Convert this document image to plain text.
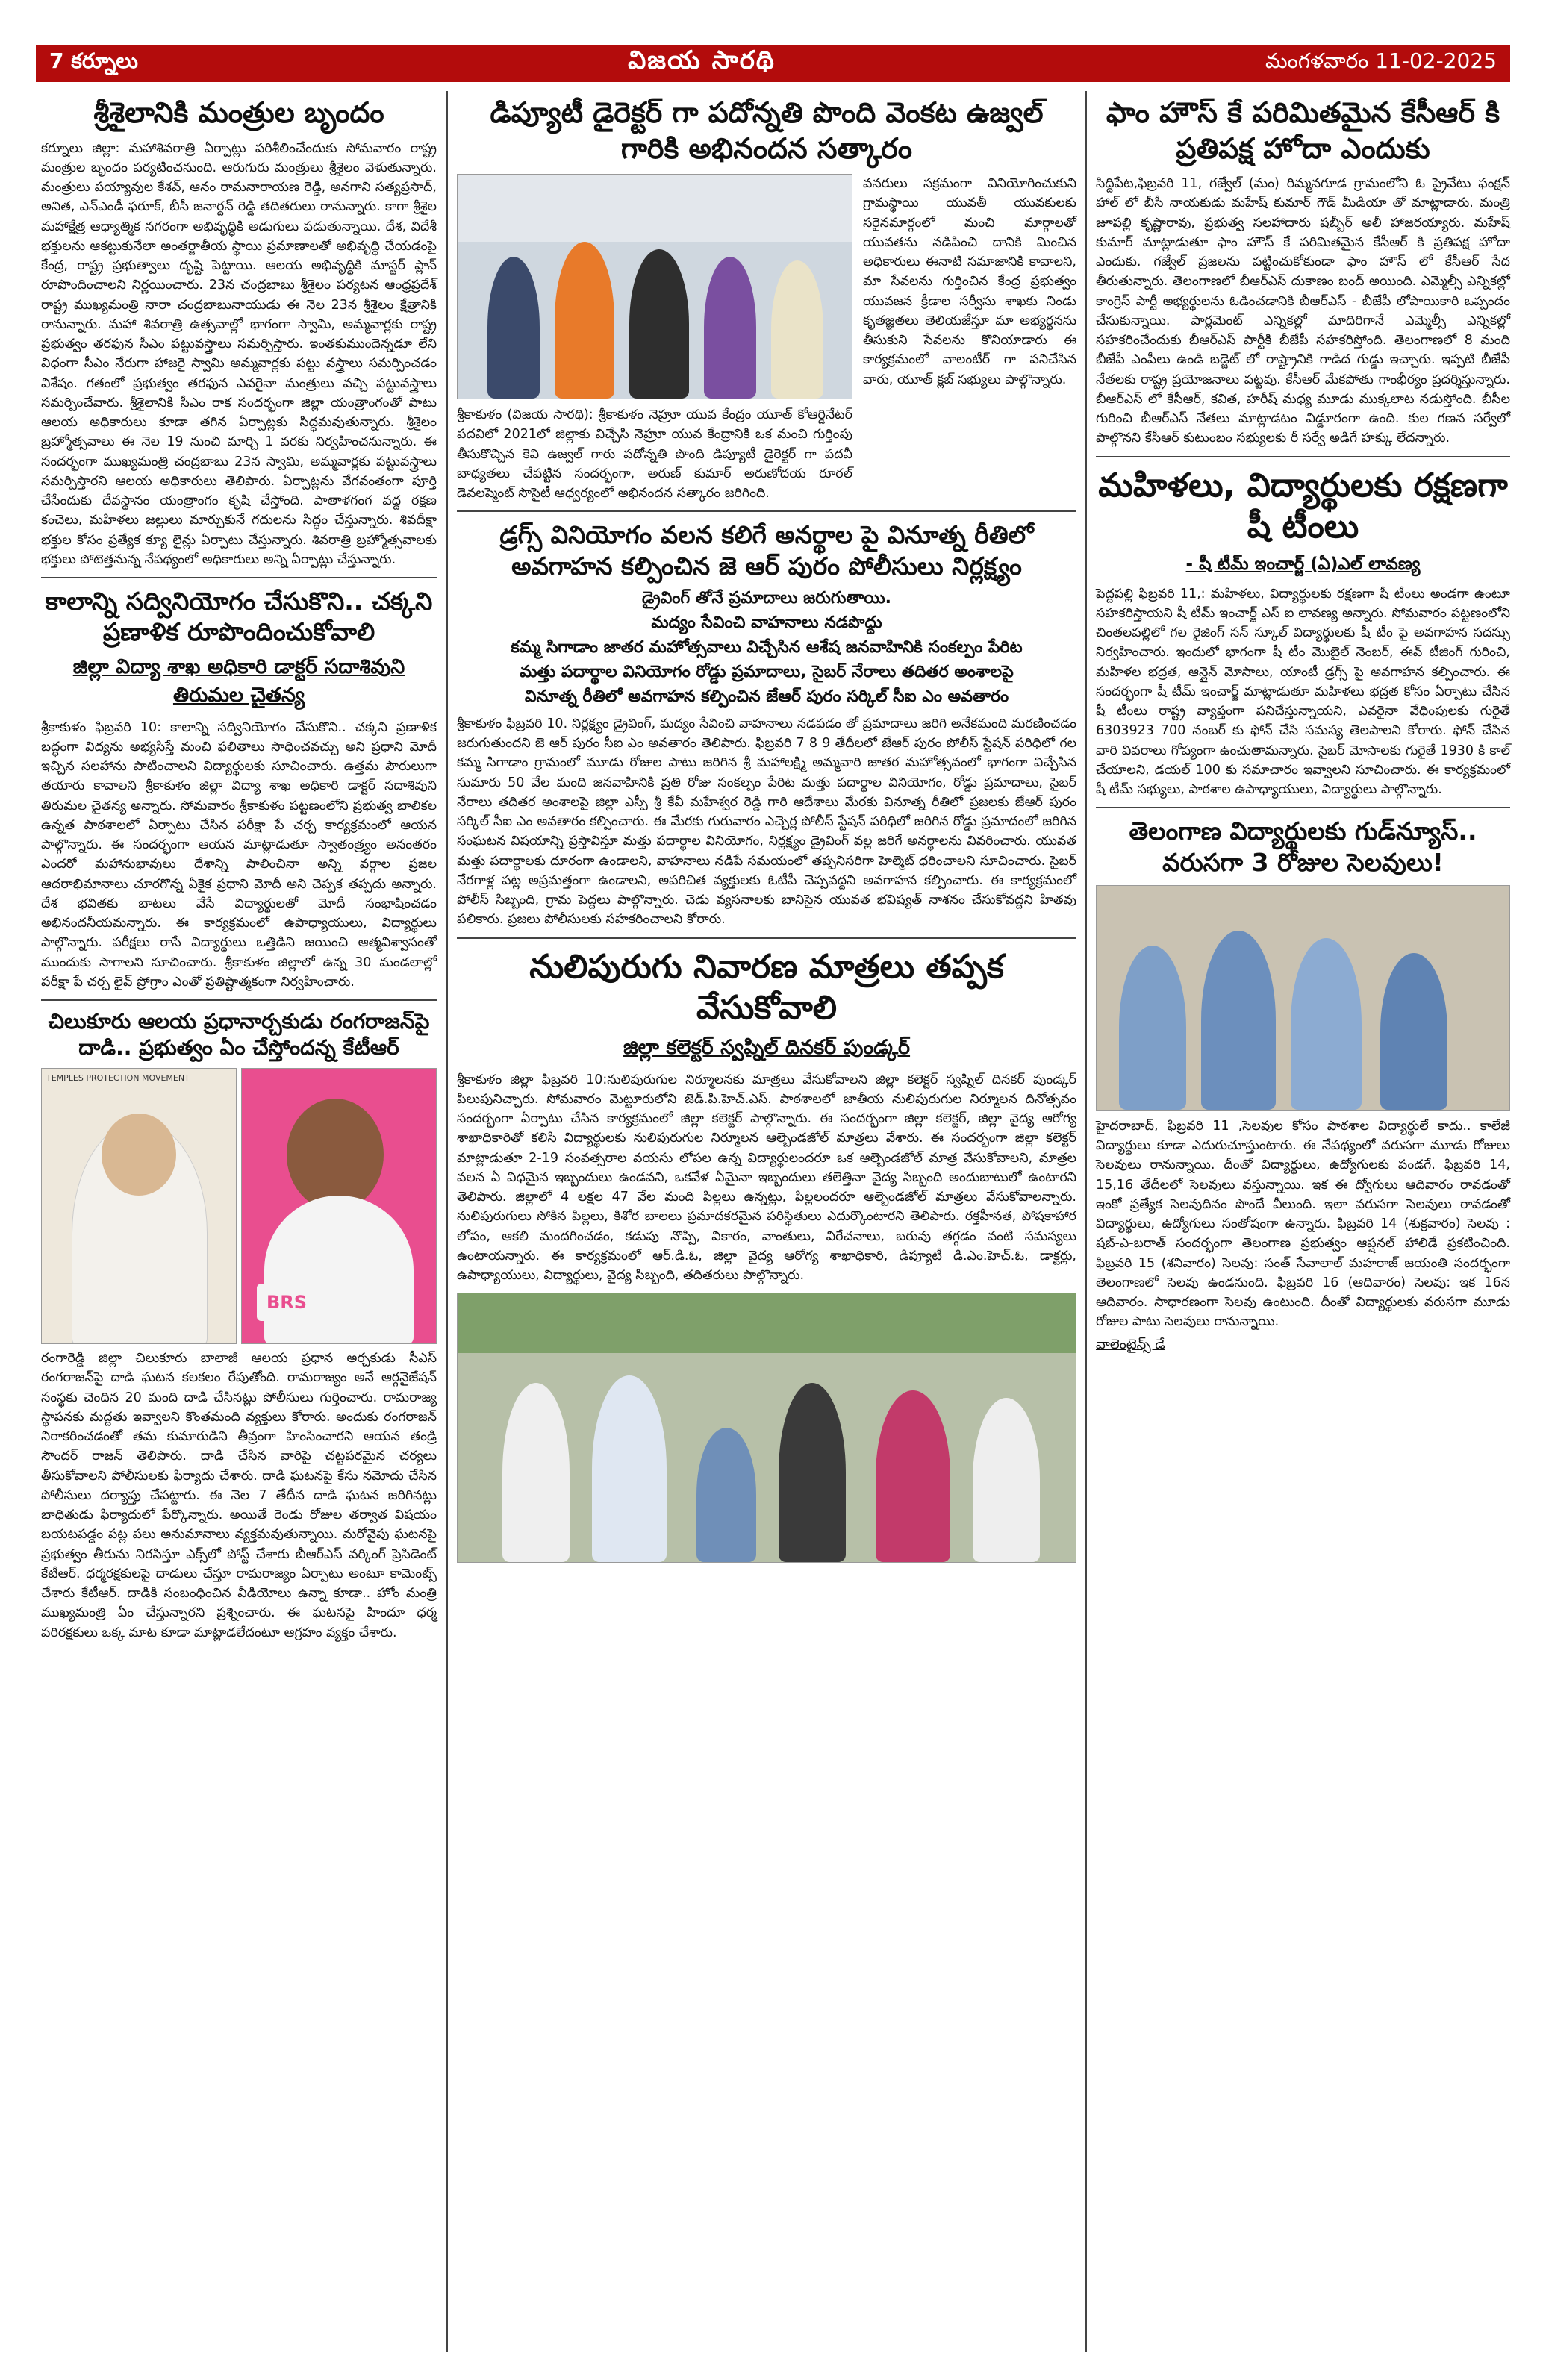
7 కర్నూలు	విజయ సారథి	మంగళవారం 11-02-2025
శ్రీశైలానికి మంత్రుల బృందం

కర్నూలు జిల్లా: మహాశివరాత్రి ఏర్పాట్లు పరిశీలించేందుకు సోమవారం రాష్ట్ర మంత్రుల బృందం పర్యటించనుంది. ఆరుగురు మంత్రులు శ్రీశైలం వెళుతున్నారు. మంత్రులు పయ్యావుల కేశవ్, ఆనం రామనారాయణ రెడ్డి, అనగాని సత్యప్రసాద్, అనిత, ఎన్ఎండీ ఫరూక్, బీసీ జనార్దన్ రెడ్డి తదితరులు రానున్నారు. కాగా శ్రీశైల మహాక్షేత్ర ఆధ్యాత్మిక నగరంగా అభివృద్ధికి అడుగులు పడుతున్నాయి. దేశ, విదేశీ భక్తులను ఆకట్టుకునేలా అంతర్జాతీయ స్థాయి ప్రమాణాలతో అభివృద్ధి చేయడంపై కేంద్ర, రాష్ట్ర ప్రభుత్వాలు దృష్టి పెట్టాయి. ఆలయ అభివృద్ధికి మాస్టర్ ప్లాన్ రూపొందించాలని నిర్ణయించారు. 23న చంద్రబాబు శ్రీశైలం పర్యటన ఆంధ్రప్రదేశ్ రాష్ట్ర ముఖ్యమంత్రి నారా చంద్రబాబునాయుడు ఈ నెల 23న శ్రీశైలం క్షేత్రానికి రానున్నారు. మహా శివరాత్రి ఉత్సవాల్లో భాగంగా స్వామి, అమ్మవార్లకు రాష్ట్ర ప్రభుత్వం తరఫున సీఎం పట్టువస్త్రాలు సమర్పిస్తారు. ఇంతకుముందెన్నడూ లేని విధంగా సీఎం నేరుగా హాజరై స్వామి అమ్మవార్లకు పట్టు వస్త్రాలు సమర్పించడం విశేషం. గతంలో ప్రభుత్వం తరఫున ఎవరైనా మంత్రులు వచ్చి పట్టువస్త్రాలు సమర్పించేవారు. శ్రీశైలానికి సీఎం రాక సందర్భంగా జిల్లా యంత్రాంగంతో పాటు ఆలయ అధికారులు కూడా తగిన ఏర్పాట్లకు సిద్ధమవుతున్నారు. శ్రీశైలం బ్రహ్మోత్సవాలు ఈ నెల 19 నుంచి మార్చి 1 వరకు నిర్వహించనున్నారు. ఈ సందర్భంగా ముఖ్యమంత్రి చంద్రబాబు 23న స్వామి, అమ్మవార్లకు పట్టువస్త్రాలు సమర్పిస్తారని ఆలయ అధికారులు తెలిపారు. ఏర్పాట్లను వేగవంతంగా పూర్తి చేసేందుకు దేవస్థానం యంత్రాంగం కృషి చేస్తోంది. పాతాళగంగ వద్ద రక్షణ కంచెలు, మహిళలు జల్లులు మార్చుకునే గదులను సిద్ధం చేస్తున్నారు. శివదీక్షా భక్తుల కోసం ప్రత్యేక క్యూ లైన్లు ఏర్పాటు చేస్తున్నారు. శివరాత్రి బ్రహ్మోత్సవాలకు భక్తులు పోటెత్తనున్న నేపథ్యంలో అధికారులు అన్ని ఏర్పాట్లు చేస్తున్నారు.

కాలాన్ని సద్వినియోగం చేసుకొని.. చక్కని ప్రణాళిక రూపొందించుకోవాలి
జిల్లా విద్యా శాఖ అధికారి డాక్టర్ సదాశివుని తిరుమల చైతన్య

శ్రీకాకుళం ఫిబ్రవరి 10: కాలాన్ని సద్వినియోగం చేసుకొని.. చక్కని ప్రణాళిక బద్ధంగా విద్యను అభ్యసిస్తే మంచి ఫలితాలు సాధించవచ్చు అని ప్రధాని మోదీ ఇచ్చిన సలహాను పాటించాలని విద్యార్థులకు సూచించారు. ఉత్తమ పౌరులుగా తయారు కావాలని శ్రీకాకుళం జిల్లా విద్యా శాఖ అధికారి డాక్టర్ సదాశివుని తిరుమల చైతన్య అన్నారు. సోమవారం శ్రీకాకుళం పట్టణంలోని ప్రభుత్వ బాలికల ఉన్నత పాఠశాలలో ఏర్పాటు చేసిన పరీక్షా పే చర్చ కార్యక్రమంలో ఆయన పాల్గొన్నారు. ఈ సందర్భంగా ఆయన మాట్లాడుతూ స్వాతంత్ర్యం అనంతరం ఎందరో మహానుభావులు దేశాన్ని పాలించినా అన్ని వర్గాల ప్రజల ఆదరాభిమానాలు చూరగొన్న ఏకైక ప్రధాని మోదీ అని చెప్పక తప్పదు అన్నారు. దేశ భవితకు బాటలు వేసే విద్యార్థులతో మోదీ సంభాషించడం అభినందనీయమన్నారు. ఈ కార్యక్రమంలో ఉపాధ్యాయులు, విద్యార్థులు పాల్గొన్నారు. పరీక్షలు రాసే విద్యార్థులు ఒత్తిడిని జయించి ఆత్మవిశ్వాసంతో ముందుకు సాగాలని సూచించారు. శ్రీకాకుళం జిల్లాలో ఉన్న 30 మండలాల్లో పరీక్షా పే చర్చ లైవ్ ప్రోగ్రాం ఎంతో ప్రతిష్టాత్మకంగా నిర్వహించారు.

చిలుకూరు ఆలయ ప్రధానార్చకుడు రంగరాజన్‌పై దాడి.. ప్రభుత్వం ఏం చేస్తోందన్న కేటీఆర్
TEMPLES PROTECTION MOVEMENT
BRS

రంగారెడ్డి జిల్లా చిలుకూరు బాలాజీ ఆలయ ప్రధాన అర్చకుడు సీఎస్ రంగరాజన్‌పై దాడి ఘటన కలకలం రేపుతోంది. రామరాజ్యం అనే ఆర్గనైజేషన్ సంస్థకు చెందిన 20 మంది దాడి చేసినట్లు పోలీసులు గుర్తించారు. రామరాజ్య స్థాపనకు మద్దతు ఇవ్వాలని కొంతమంది వ్యక్తులు కోరారు. అందుకు రంగరాజన్ నిరాకరించడంతో తమ కుమారుడిని తీవ్రంగా హింసించారని ఆయన తండ్రి సౌందర్ రాజన్ తెలిపారు. దాడి చేసిన వారిపై చట్టపరమైన చర్యలు తీసుకోవాలని పోలీసులకు ఫిర్యాదు చేశారు. దాడి ఘటనపై కేసు నమోదు చేసిన పోలీసులు దర్యాప్తు చేపట్టారు. ఈ నెల 7 తేదీన దాడి ఘటన జరిగినట్లు బాధితుడు ఫిర్యాదులో పేర్కొన్నారు. అయితే రెండు రోజుల తర్వాత విషయం బయటపడ్డం పట్ల పలు అనుమానాలు వ్యక్తమవుతున్నాయి. మరోవైపు ఘటనపై ప్రభుత్వం తీరును నిరసిస్తూ ఎక్స్‌లో పోస్ట్ చేశారు బీఆర్ఎస్ వర్కింగ్ ప్రెసిడెంట్ కేటీఆర్. ధర్మరక్షకులపై దాడులు చేస్తూ రామరాజ్యం ఏర్పాటు అంటూ కామెంట్స్ చేశారు కేటీఆర్. దాడికి సంబంధించిన వీడియోలు ఉన్నా కూడా.. హోం మంత్రి ముఖ్యమంత్రి ఏం చేస్తున్నారని ప్రశ్నించారు. ఈ ఘటనపై హిందూ ధర్మ పరిరక్షకులు ఒక్క మాట కూడా మాట్లాడలేదంటూ ఆగ్రహం వ్యక్తం చేశారు.

డిప్యూటీ డైరెక్టర్ గా పదోన్నతి పొంది వెంకట ఉజ్వల్ గారికి అభినందన సత్కారం

శ్రీకాకుళం (విజయ సారథి): శ్రీకాకుళం నెహ్రూ యువ కేంద్రం యూత్ కోఆర్డినేటర్ పదవిలో 2021లో జిల్లాకు విచ్చేసి నెహ్రూ యువ కేంద్రానికి ఒక మంచి గుర్తింపు తీసుకొచ్చిన కెవి ఉజ్వల్ గారు పదోన్నతి పొంది డిప్యూటీ డైరెక్టర్ గా పదవీ బాధ్యతలు చేపట్టిన సందర్భంగా, అరుణ్ కుమార్ అరుణోదయ రూరల్ డెవలప్మెంట్ సొసైటీ ఆధ్వర్యంలో అభినందన సత్కారం జరిగింది.

వనరులు సక్రమంగా వినియోగించుకుని గ్రామస్థాయి యువతీ యువకులకు సరైనమార్గంలో మంచి మార్గాలతో యువతను నడిపించి దానికి మించిన అధికారులు ఈనాటి సమాజానికి కావాలని, మా సేవలను గుర్తించిన కేంద్ర ప్రభుత్వం యువజన క్రీడాల సర్వీసు శాఖకు నిండు కృతజ్ఞతలు తెలియజేస్తూ మా అభ్యర్థనను తీసుకుని సేవలను కొనియాడారు ఈ కార్యక్రమంలో వాలంటీర్ గా పనిచేసిన వారు, యూత్ క్లబ్ సభ్యులు పాల్గొన్నారు.

డ్రగ్స్ వినియోగం వలన కలిగే అనర్థాల పై వినూత్న రీతిలో అవగాహన కల్పించిన జె ఆర్ పురం పోలీసులు నిర్లక్ష్యం
డ్రైవింగ్ తోనే ప్రమాదాలు జరుగుతాయి.
మద్యం సేవించి వాహనాలు నడపొద్దు
కమ్మ సిగాడాం జాతర మహోత్సవాలు విచ్చేసిన ఆశేష జనవాహినికి సంకల్పం పేరిట
మత్తు పదార్థాల వినియోగం రోడ్డు ప్రమాదాలు, సైబర్ నేరాలు తదితర అంశాలపై
వినూత్న రీతిలో అవగాహన కల్పించిన జేఆర్ పురం సర్కిల్ సీఐ ఎం అవతారం

శ్రీకాకుళం ఫిబ్రవరి 10. నిర్లక్ష్యం డ్రైవింగ్, మద్యం సేవించి వాహనాలు నడపడం తో ప్రమాదాలు జరిగి అనేకమంది మరణించడం జరుగుతుందని జె ఆర్ పురం సీఐ ఎం అవతారం తెలిపారు. ఫిబ్రవరి 7 8 9 తేదీలలో జేఆర్ పురం పోలీస్ స్టేషన్ పరిధిలో గల కమ్మ సిగాడాం గ్రామంలో మూడు రోజుల పాటు జరిగిన శ్రీ మహాలక్ష్మి అమ్మవారి జాతర మహోత్సవంలో భాగంగా విచ్చేసిన సుమారు 50 వేల మంది జనవాహినికి ప్రతి రోజు సంకల్పం పేరిట మత్తు పదార్థాల వినియోగం, రోడ్డు ప్రమాదాలు, సైబర్ నేరాలు తదితర అంశాలపై జిల్లా ఎస్పీ శ్రీ కేవీ మహేశ్వర రెడ్డి గారి ఆదేశాలు మేరకు వినూత్న రీతిలో ప్రజలకు జేఆర్ పురం సర్కిల్ సీఐ ఎం అవతారం కల్పించారు. ఈ మేరకు గురువారం ఎచ్చెర్ల పోలీస్ స్టేషన్ పరిధిలో జరిగిన రోడ్డు ప్రమాదంలో జరిగిన సంఘటన విషయాన్ని ప్రస్తావిస్తూ మత్తు పదార్థాల వినియోగం, నిర్లక్ష్యం డ్రైవింగ్ వల్ల జరిగే అనర్థాలను వివరించారు. యువత మత్తు పదార్థాలకు దూరంగా ఉండాలని, వాహనాలు నడిపే సమయంలో తప్పనిసరిగా హెల్మెట్ ధరించాలని సూచించారు. సైబర్ నేరగాళ్ల పట్ల అప్రమత్తంగా ఉండాలని, అపరిచిత వ్యక్తులకు ఓటీపీ చెప్పవద్దని అవగాహన కల్పించారు. ఈ కార్యక్రమంలో పోలీస్ సిబ్బంది, గ్రామ పెద్దలు పాల్గొన్నారు. చెడు వ్యసనాలకు బానిసైన యువత భవిష్యత్ నాశనం చేసుకోవద్దని హితవు పలికారు. ప్రజలు పోలీసులకు సహకరించాలని కోరారు.

నులిపురుగు నివారణ మాత్రలు తప్పక వేసుకోవాలి
జిల్లా కలెక్టర్ స్వప్నిల్ దినకర్ పుండ్కర్

శ్రీకాకుళం జిల్లా ఫిబ్రవరి 10:నులిపురుగుల నిర్మూలనకు మాత్రలు వేసుకోవాలని జిల్లా కలెక్టర్ స్వప్నిల్ దినకర్ పుండ్కర్ పిలుపునిచ్చారు. సోమవారం మెట్టూరులోని జెడ్.పి.హెచ్.ఎస్. పాఠశాలలో జాతీయ నులిపురుగుల నిర్మూలన దినోత్సవం సందర్భంగా ఏర్పాటు చేసిన కార్యక్రమంలో జిల్లా కలెక్టర్ పాల్గొన్నారు. ఈ సందర్భంగా జిల్లా కలెక్టర్, జిల్లా వైద్య ఆరోగ్య శాఖాధికారితో కలిసి విద్యార్థులకు నులిపురుగుల నిర్మూలన ఆల్బెండజోల్ మాత్రలు వేశారు. ఈ సందర్భంగా జిల్లా కలెక్టర్ మాట్లాడుతూ 2-19 సంవత్సరాల వయసు లోపల ఉన్న విద్యార్థులందరూ ఒక ఆల్బెండజోల్ మాత్ర వేసుకోవాలని, మాత్రల వలన ఏ విధమైన ఇబ్బందులు ఉండవని, ఒకవేళ ఏమైనా ఇబ్బందులు తలెత్తినా వైద్య సిబ్బంది అందుబాటులో ఉంటారని తెలిపారు. జిల్లాలో 4 లక్షల 47 వేల మంది పిల్లలు ఉన్నట్లు, పిల్లలందరూ ఆల్బెండజోల్ మాత్రలు వేసుకోవాలన్నారు. నులిపురుగులు సోకిన పిల్లలు, కిశోర బాలలు ప్రమాదకరమైన పరిస్థితులు ఎదుర్కొంటారని తెలిపారు. రక్తహీనత, పోషకాహార లోపం, ఆకలి మందగించడం, కడుపు నొప్పి, వికారం, వాంతులు, విరేచనాలు, బరువు తగ్గడం వంటి సమస్యలు ఉంటాయన్నారు. ఈ కార్యక్రమంలో ఆర్.డి.ఓ, జిల్లా వైద్య ఆరోగ్య శాఖాధికారి, డిప్యూటీ డి.ఎం.హెచ్.ఓ, డాక్టర్లు, ఉపాధ్యాయులు, విద్యార్థులు, వైద్య సిబ్బంది, తదితరులు పాల్గొన్నారు.

ఫాం హౌస్ కే పరిమితమైన కేసీఆర్ కి ప్రతిపక్ష హోదా ఎందుకు

సిద్దిపేట,ఫిబ్రవరి 11, గజ్వేల్ (మం) రిమ్మనగూడ గ్రామంలోని ఓ ప్రైవేటు ఫంక్షన్ హాల్ లో బీసీ నాయకుడు మహేష్ కుమార్ గౌడ్ మీడియా తో మాట్లాడారు. మంత్రి జూపల్లి కృష్ణారావు, ప్రభుత్వ సలహాదారు షబ్బీర్ అలీ హాజరయ్యారు. మహేష్ కుమార్ మాట్లాడుతూ ఫాం హౌస్ కే పరిమితమైన కేసీఆర్ కి ప్రతిపక్ష హోదా ఎందుకు. గజ్వేల్ ప్రజలను పట్టించుకోకుండా ఫాం హౌస్ లో కేసీఆర్ సేద తీరుతున్నారు. తెలంగాణలో బీఆర్ఎస్ దుకాణం బంద్ అయింది. ఎమ్మెల్సీ ఎన్నికల్లో కాంగ్రెస్ పార్టీ అభ్యర్థులను ఓడించడానికి బీఆర్ఎస్ - బీజేపీ లోపాయికారి ఒప్పందం చేసుకున్నాయి. పార్లమెంట్ ఎన్నికల్లో మాదిరిగానే ఎమ్మెల్సీ ఎన్నికల్లో సహకరించేందుకు బీఆర్ఎస్ పార్టీకి బీజేపీ సహకరిస్తోంది. తెలంగాణలో 8 మంది బీజేపీ ఎంపీలు ఉండి బడ్జెట్ లో రాష్ట్రానికి గాడిద గుడ్డు ఇచ్చారు. ఇప్పటి బీజేపీ నేతలకు రాష్ట్ర ప్రయోజనాలు పట్టవు. కేసీఆర్ మేకపోతు గాంభీర్యం ప్రదర్శిస్తున్నారు. బీఆర్ఎస్ లో కేసీఆర్, కవిత, హరీష్ మధ్య మూడు ముక్కలాట నడుస్తోంది. బీసీల గురించి బీఆర్ఎస్ నేతలు మాట్లాడటం విడ్డూరంగా ఉంది. కుల గణన సర్వేలో పాల్గొనని కేసీఆర్ కుటుంబం సభ్యులకు రీ సర్వే అడిగే హక్కు లేదన్నారు.

మహిళలు, విద్యార్థులకు రక్షణగా షీ టీంలు
- షీ టీమ్ ఇంచార్జ్ (ఏ)ఎల్ లావణ్య

పెద్దపల్లి ఫిబ్రవరి 11,: మహిళలు, విద్యార్థులకు రక్షణగా షీ టీంలు అండగా ఉంటూ సహకరిస్తాయని షీ టీమ్ ఇంచార్జ్ ఎస్ ఐ లావణ్య అన్నారు. సోమవారం పట్టణంలోని చింతలపల్లిలో గల రైజింగ్ సన్ స్కూల్ విద్యార్థులకు షీ టీం పై అవగాహన సదస్సు నిర్వహించారు. ఇందులో భాగంగా షీ టీం మొబైల్ నెంబర్, ఈవ్ టీజింగ్ గురించి, మహిళల భద్రత, ఆన్లైన్ మోసాలు, యాంటీ డ్రగ్స్ పై అవగాహన కల్పించారు. ఈ సందర్భంగా షీ టీమ్ ఇంచార్జ్ మాట్లాడుతూ మహిళలు భద్రత కోసం ఏర్పాటు చేసిన షీ టీంలు రాష్ట్ర వ్యాప్తంగా పనిచేస్తున్నాయని, ఎవరైనా వేధింపులకు గురైతే 6303923 700 నంబర్ కు ఫోన్ చేసి సమస్య తెలపాలని కోరారు. ఫోన్ చేసిన వారి వివరాలు గోప్యంగా ఉంచుతామన్నారు. సైబర్ మోసాలకు గురైతే 1930 కి కాల్ చేయాలని, డయల్ 100 కు సమాచారం ఇవ్వాలని సూచించారు. ఈ కార్యక్రమంలో షీ టీమ్ సభ్యులు, పాఠశాల ఉపాధ్యాయులు, విద్యార్థులు పాల్గొన్నారు.

తెలంగాణ విద్యార్థులకు గుడ్‌న్యూస్.. వరుసగా 3 రోజుల సెలవులు!

హైదరాబాద్, ఫిబ్రవరి 11 ,సెలవుల కోసం పాఠశాల విద్యార్థులే కాదు.. కాలేజీ విద్యార్థులు కూడా ఎదురుచూస్తుంటారు. ఈ నేపథ్యంలో వరుసగా మూడు రోజులు సెలవులు రానున్నాయి. దీంతో విద్యార్థులు, ఉద్యోగులకు పండగే. ఫిబ్రవరి 14, 15,16 తేదీలలో సెలవులు వస్తున్నాయి. ఇక ఈ ద్వోగులు ఆదివారం రావడంతో ఇంకో ప్రత్యేక సెలవుదినం పొందే వీలుంది. ఇలా వరుసగా సెలవులు రావడంతో విద్యార్థులు, ఉద్యోగులు సంతోషంగా ఉన్నారు. ఫిబ్రవరి 14 (శుక్రవారం) సెలవు : షబ్-ఎ-బరాత్ సందర్భంగా తెలంగాణ ప్రభుత్వం ఆప్షనల్ హాలిడే ప్రకటించింది. ఫిబ్రవరి 15 (శనివారం) సెలవు: సంత్ సేవాలాల్ మహరాజ్ జయంతి సందర్భంగా తెలంగాణలో సెలవు ఉండనుంది. ఫిబ్రవరి 16 (ఆదివారం) సెలవు: ఇక 16న ఆదివారం. సాధారణంగా సెలవు ఉంటుంది. దీంతో విద్యార్థులకు వరుసగా మూడు రోజుల పాటు సెలవులు రానున్నాయి.

వాలెంటైన్స్ డే
